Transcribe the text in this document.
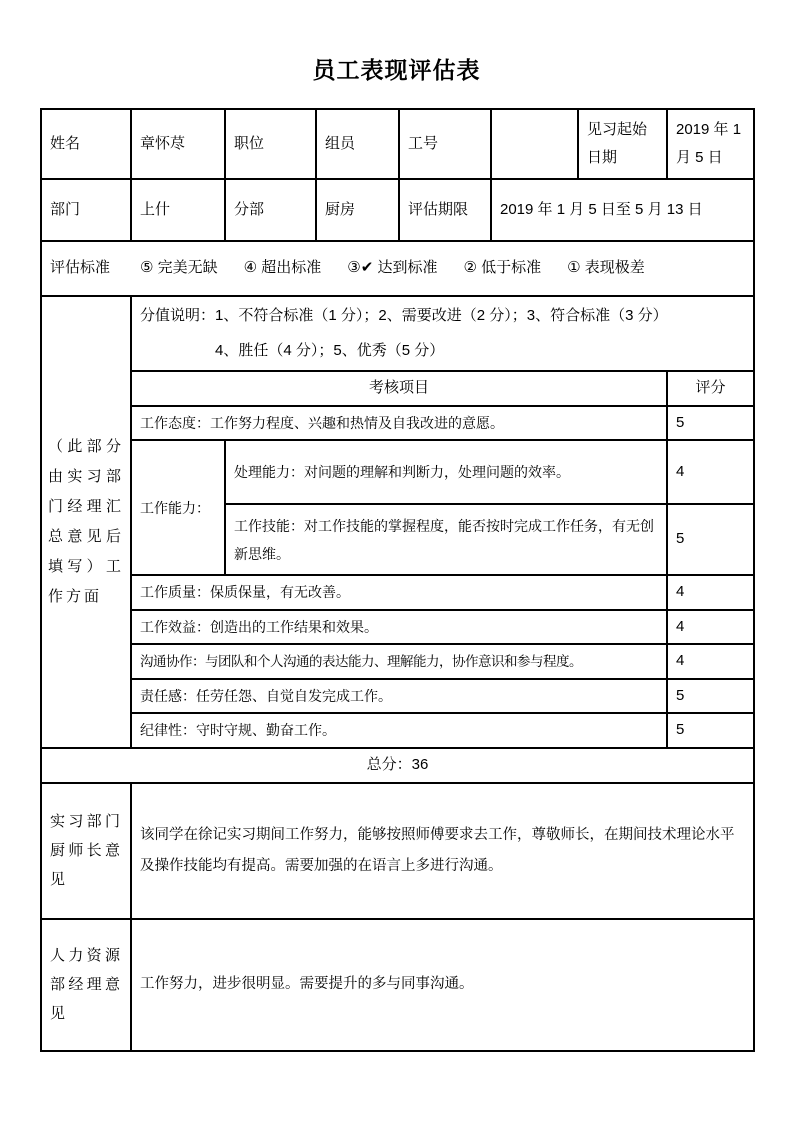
员工表现评估表
姓名	章怀荩	职位	组员	工号		见习起始日期	2019 年 1 月 5 日
部门	上什	分部	厨房	评估期限	2019 年 1 月 5 日至 5 月 13 日		

评估标准 ⑤ 完美无缺 ④ 超出标准 ③✔ 达到标准 ② 低于标准 ① 表现极差

（此部分由实习部门经理汇总意见后填写）工作方面	分值说明： 1、不符合标准（1 分）；2、需要改进（2 分）；3、符合标准（3 分）
4、胜任（4 分）；5、优秀（5 分）						

	考核项目						评分
	工作态度：工作努力程度、兴趣和热情及自我改进的意愿。						5
	工作能力：	处理能力：对问题的理解和判断力，处理问题的效率。					4
		工作技能：对工作技能的掌握程度，能否按时完成工作任务，有无创新思维。					5
	工作质量：保质保量，有无改善。						4
	工作效益：创造出的工作结果和效果。						4
	沟通协作：与团队和个人沟通的表达能力、理解能力，协作意识和参与程度。						4
	责任感：任劳任怨、自觉自发完成工作。						5
	纪律性：守时守规、勤奋工作。						5
总分：36							
实习部门厨师长意见	该同学在徐记实习期间工作努力，能够按照师傅要求去工作，尊敬师长，在期间技术理论水平及操作技能均有提高。需要加强的在语言上多进行沟通。						
人力资源部经理意见	工作努力，进步很明显。需要提升的多与同事沟通。						
